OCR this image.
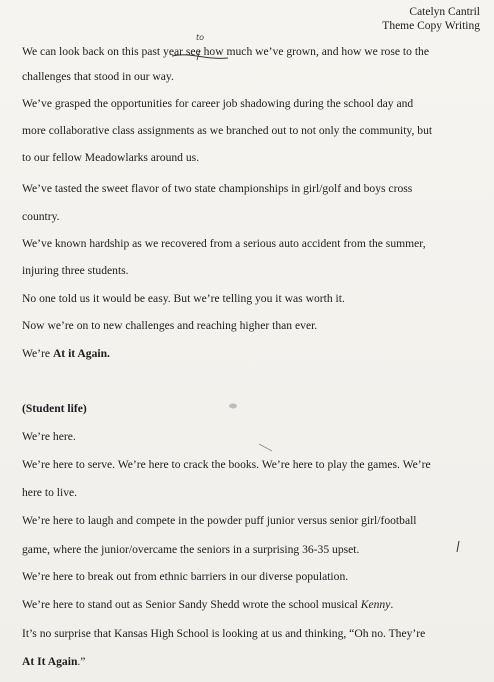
Catelyn Cantril
Theme Copy Writing
to
We can look back on this past year see how much we’ve grown, and how we rose to the
challenges that stood in our way.
We’ve grasped the opportunities for career job shadowing during the school day and
more collaborative class assignments as we branched out to not only the community, but
to our fellow Meadowlarks around us.
We’ve tasted the sweet flavor of two state championships in girl/golf and boys cross
country.
We’ve known hardship as we recovered from a serious auto accident from the summer,
injuring three students.
No one told us it would be easy. But we’re telling you it was worth it.
Now we’re on to new challenges and reaching higher than ever.
We’re At it Again.
(Student life)
We’re here.
We’re here to serve. We’re here to crack the books. We’re here to play the games. We’re
here to live.
We’re here to laugh and compete in the powder puff junior versus senior girl/football
game, where the junior/overcame the seniors in a surprising 36-35 upset.
We’re here to break out from ethnic barriers in our diverse population.
We’re here to stand out as Senior Sandy Shedd wrote the school musical Kenny.
It’s no surprise that Kansas High School is looking at us and thinking, “Oh no. They’re
At It Again.”
